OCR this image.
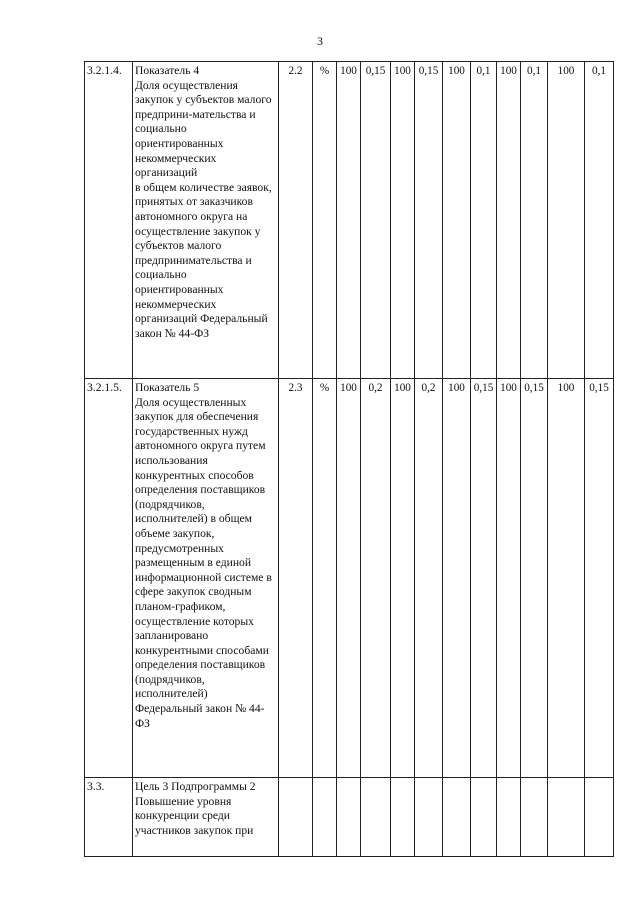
3
3.2.1.4.	Показатель 4
Доля осуществления закупок у субъектов малого предприни-мательства и социально ориентированных некоммерческих организаций
в общем количестве заявок, принятых от заказчиков автономного округа на осуществление закупок у субъектов малого предпринимательства и социально ориентированных некоммерческих организаций Федеральный закон № 44-ФЗ	2.2	%	100	0,15	100	0,15	100	0,1	100	0,1	100	0,1
3.2.1.5.	Показатель 5
Доля осуществленных закупок для обеспечения государственных нужд автономного округа путем использования конкурентных способов определения поставщиков (подрядчиков, исполнителей) в общем объеме закупок, предусмотренных размещенным в единой информационной системе в сфере закупок сводным планом-графиком, осуществление которых запланировано конкурентными способами определения поставщиков (подрядчиков, исполнителей) Федеральный закон № 44-ФЗ	2.3	%	100	0,2	100	0,2	100	0,15	100	0,15	100	0,15
3.3.	Цель 3 Подпрограммы 2 Повышение уровня конкуренции среди участников закупок при												
